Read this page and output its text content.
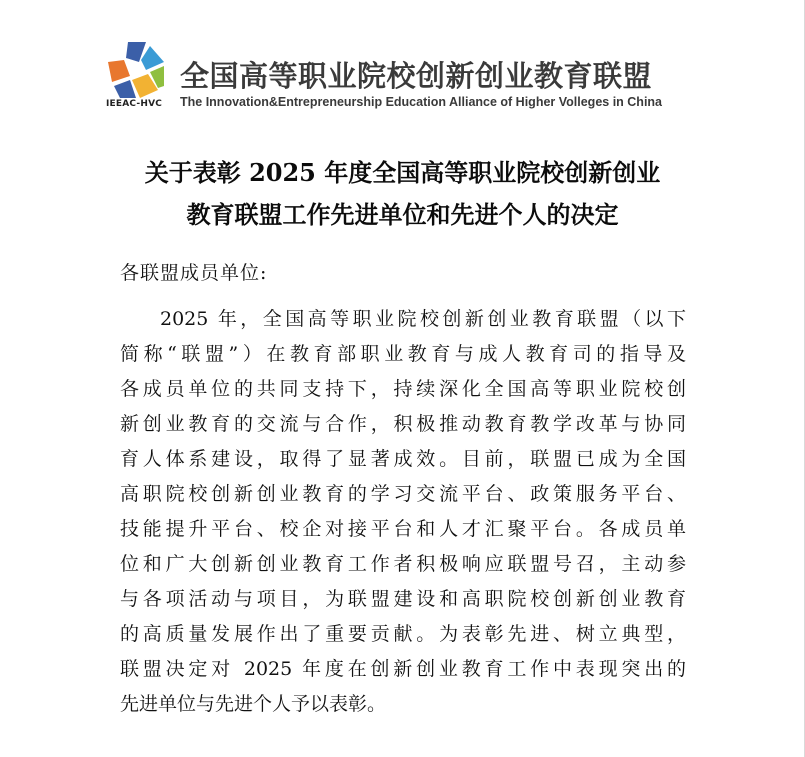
IEEAC-HVC
全国高等职业院校创新创业教育联盟
The Innovation&Entrepreneurship Education Alliance of Higher Volleges in China
关于表彰 2025 年度全国高等职业院校创新创业
教育联盟工作先进单位和先进个人的决定
各联盟成员单位:
2025 年，全国高等职业院校创新创业教育联盟（以下
简称“联盟”）在教育部职业教育与成人教育司的指导及
各成员单位的共同支持下，持续深化全国高等职业院校创
新创业教育的交流与合作，积极推动教育教学改革与协同
育人体系建设，取得了显著成效。目前，联盟已成为全国
高职院校创新创业教育的学习交流平台、政策服务平台、
技能提升平台、校企对接平台和人才汇聚平台。各成员单
位和广大创新创业教育工作者积极响应联盟号召，主动参
与各项活动与项目，为联盟建设和高职院校创新创业教育
的高质量发展作出了重要贡献。为表彰先进、树立典型，
联盟决定对 2025 年度在创新创业教育工作中表现突出的
先进单位与先进个人予以表彰。
